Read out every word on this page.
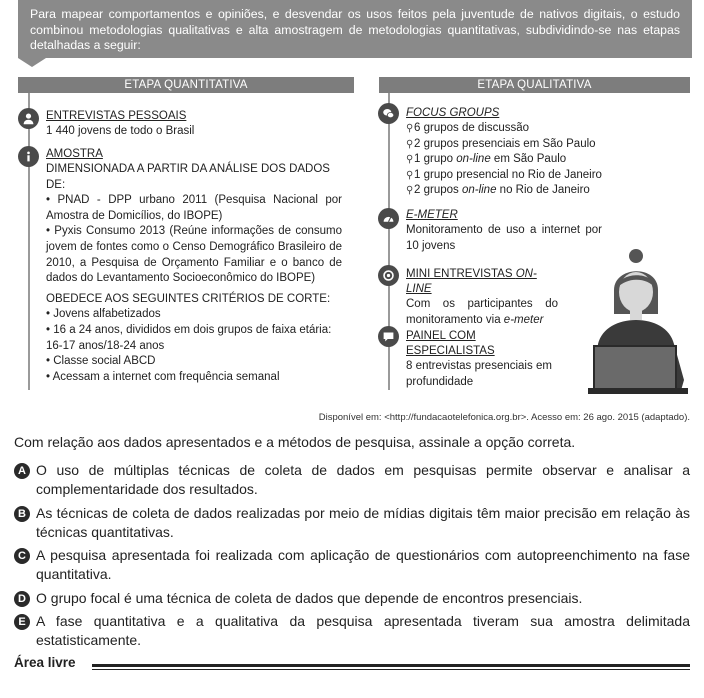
Para mapear comportamentos e opiniões, e desvendar os usos feitos pela juventude de nativos digitais, o estudo combinou metodologias qualitativas e alta amostragem de metodologias quantitativas, subdividindo-se nas etapas detalhadas a seguir:
ETAPA QUANTITATIVA	ETAPA QUALITATIVA
ENTREVISTAS PESSOAIS
1 440 jovens de todo o Brasil
AMOSTRA
DIMENSIONADA A PARTIR DA ANÁLISE DOS DADOS DE:
• PNAD - DPP urbano 2011 (Pesquisa Nacional por Amostra de Domicílios, do IBOPE)
• Pyxis Consumo 2013 (Reúne informações de consumo jovem de fontes como o Censo Demográfico Brasileiro de 2010, a Pesquisa de Orçamento Familiar e o banco de dados do Levantamento Socioeconômico do IBOPE)
OBEDECE AOS SEGUINTES CRITÉRIOS DE CORTE:
• Jovens alfabetizados
• 16 a 24 anos, divididos em dois grupos de faixa etária: 16-17 anos/18-24 anos
• Classe social ABCD
• Acessam a internet com frequência semanal
FOCUS GROUPS
⚲6 grupos de discussão
⚲2 grupos presenciais em São Paulo
⚲1 grupo on-line em São Paulo
⚲1 grupo presencial no Rio de Janeiro
⚲2 grupos on-line no Rio de Janeiro
E-METER
Monitoramento de uso a internet por 10 jovens
MINI ENTREVISTAS ON-LINE
Com os participantes do monitoramento via e-meter
PAINEL COM ESPECIALISTAS
8 entrevistas presenciais em profundidade
Disponível em: <http://fundacaotelefonica.org.br>. Acesso em: 26 ago. 2015 (adaptado).
Com relação aos dados apresentados e a métodos de pesquisa, assinale a opção correta.
A O uso de múltiplas técnicas de coleta de dados em pesquisas permite observar e analisar a complementaridade dos resultados.
B As técnicas de coleta de dados realizadas por meio de mídias digitais têm maior precisão em relação às técnicas quantitativas.
C A pesquisa apresentada foi realizada com aplicação de questionários com autopreenchimento na fase quantitativa.
D O grupo focal é uma técnica de coleta de dados que depende de encontros presenciais.
E A fase quantitativa e a qualitativa da pesquisa apresentada tiveram sua amostra delimitada estatisticamente.
Área livre
